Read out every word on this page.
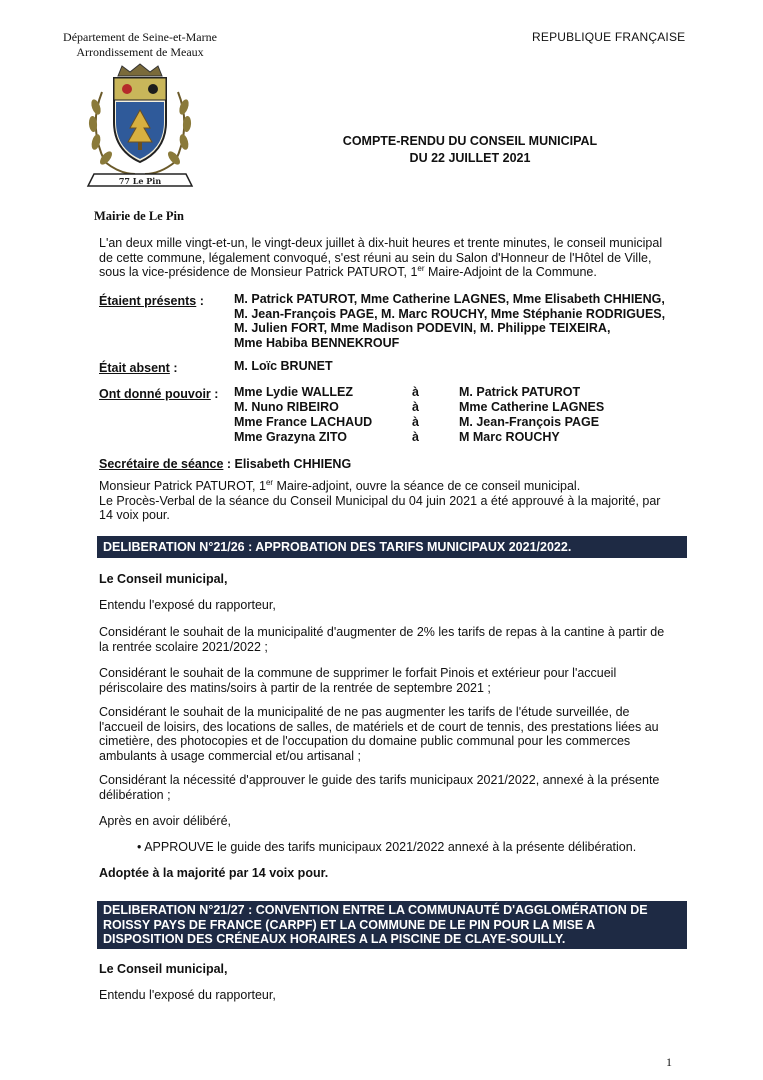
Département de Seine-et-Marne
Arrondissement de Meaux
REPUBLIQUE FRANÇAISE
77 Le Pin
COMPTE-RENDU DU CONSEIL MUNICIPAL
DU 22 JUILLET 2021
Mairie de Le Pin
L'an deux mille vingt-et-un, le vingt-deux juillet à dix-huit heures et trente minutes, le conseil municipal
de cette commune, légalement convoqué, s'est réuni au sein du Salon d'Honneur de l'Hôtel de Ville,
sous la vice-présidence de Monsieur Patrick PATUROT, 1er Maire-Adjoint de la Commune.
Étaient présents : M. Patrick PATUROT, Mme Catherine LAGNES, Mme Elisabeth CHHIENG,
M. Jean-François PAGE, M. Marc ROUCHY, Mme Stéphanie RODRIGUES,
M. Julien FORT, Mme Madison PODEVIN, M. Philippe TEIXEIRA,
Mme Habiba BENNEKROUF
Était absent :	M. Loïc BRUNET
Ont donné pouvoir : Mme Lydie WALLEZ	à	M. Patrick PATUROT
M. Nuno RIBEIRO	à	Mme Catherine LAGNES
Mme France LACHAUD	à	M. Jean-François PAGE
Mme Grazyna ZITO	à	M Marc ROUCHY
Secrétaire de séance : Elisabeth CHHIENG
Monsieur Patrick PATUROT, 1er Maire-adjoint, ouvre la séance de ce conseil municipal.
Le Procès-Verbal de la séance du Conseil Municipal du 04 juin 2021 a été approuvé à la majorité, par
14 voix pour.
DELIBERATION N°21/26 : APPROBATION DES TARIFS MUNICIPAUX 2021/2022.
Le Conseil municipal,
Entendu l'exposé du rapporteur,
Considérant le souhait de la municipalité d'augmenter de 2% les tarifs de repas à la cantine à partir de
la rentrée scolaire 2021/2022 ;
Considérant le souhait de la commune de supprimer le forfait Pinois et extérieur pour l'accueil
périscolaire des matins/soirs à partir de la rentrée de septembre 2021 ;
Considérant le souhait de la municipalité de ne pas augmenter les tarifs de l'étude surveillée, de
l'accueil de loisirs, des locations de salles, de matériels et de court de tennis, des prestations liées au
cimetière, des photocopies et de l'occupation du domaine public communal pour les commerces
ambulants à usage commercial et/ou artisanal ;
Considérant la nécessité d'approuver le guide des tarifs municipaux 2021/2022, annexé à la présente
délibération ;
Après en avoir délibéré,
• APPROUVE le guide des tarifs municipaux 2021/2022 annexé à la présente délibération.
Adoptée à la majorité par 14 voix pour.
DELIBERATION N°21/27 : CONVENTION ENTRE LA COMMUNAUTÉ D'AGGLOMÉRATION DE
ROISSY PAYS DE FRANCE (CARPF) ET LA COMMUNE DE LE PIN POUR LA MISE A
DISPOSITION DES CRÉNEAUX HORAIRES A LA PISCINE DE CLAYE-SOUILLY.
Le Conseil municipal,
Entendu l'exposé du rapporteur,
1
